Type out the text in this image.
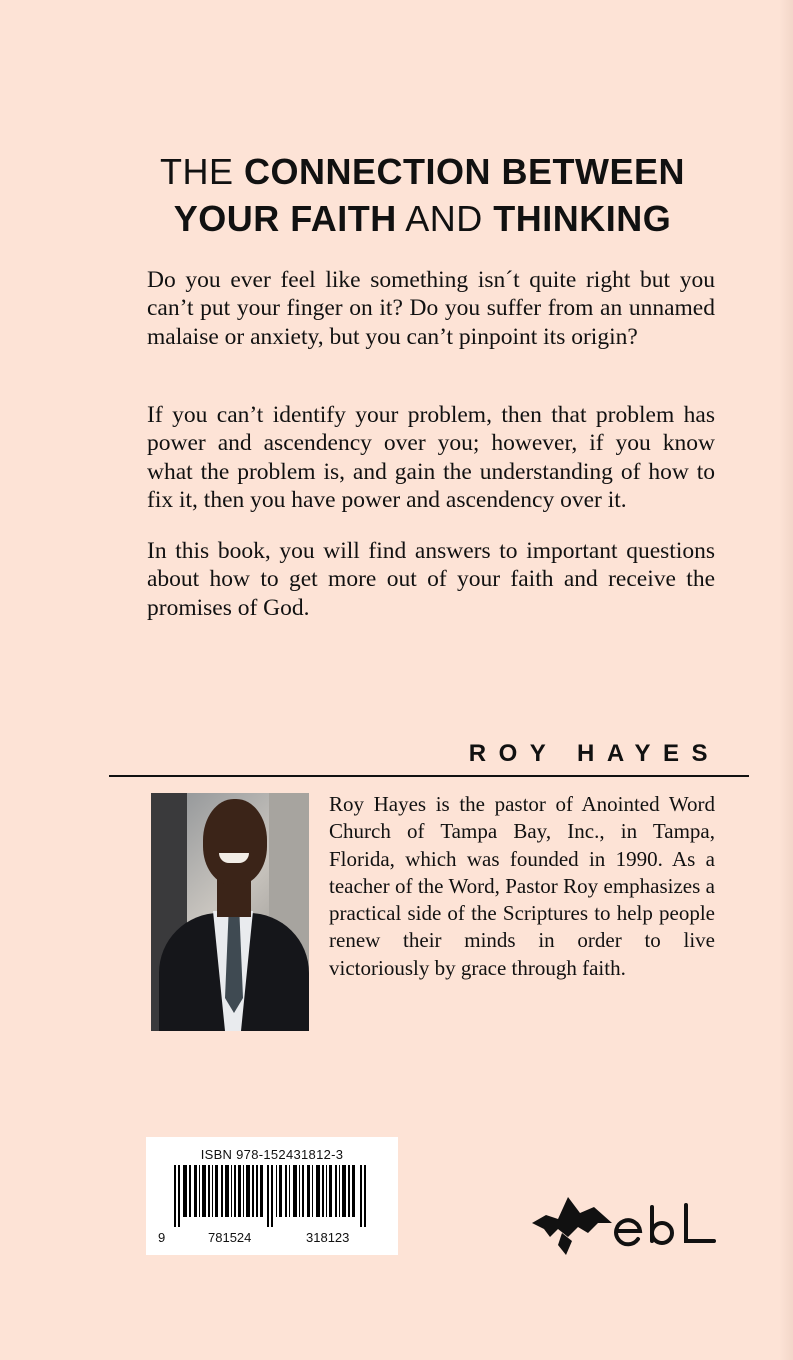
THE CONNECTION BETWEEN
YOUR FAITH AND THINKING

Do you ever feel like something isn´t quite right but you can’t put your finger on it? Do you suffer from an unnamed malaise or anxiety, but you can’t pinpoint its origin?

If you can’t identify your problem, then that problem has power and ascendency over you; however, if you know what the problem is, and gain the understanding of how to fix it, then you have power and ascendency over it.

In this book, you will find answers to important questions about how to get more out of your faith and receive the promises of God.

ROY HAYES

Roy Hayes is the pastor of Anointed Word Church of Tampa Bay, Inc., in Tampa, Florida, which was founded in 1990. As a teacher of the Word, Pastor Roy emphasizes a practical side of the Scriptures to help people renew their minds in order to live victoriously by grace through faith.

ISBN 978-152431812-3
9	781524	318123
